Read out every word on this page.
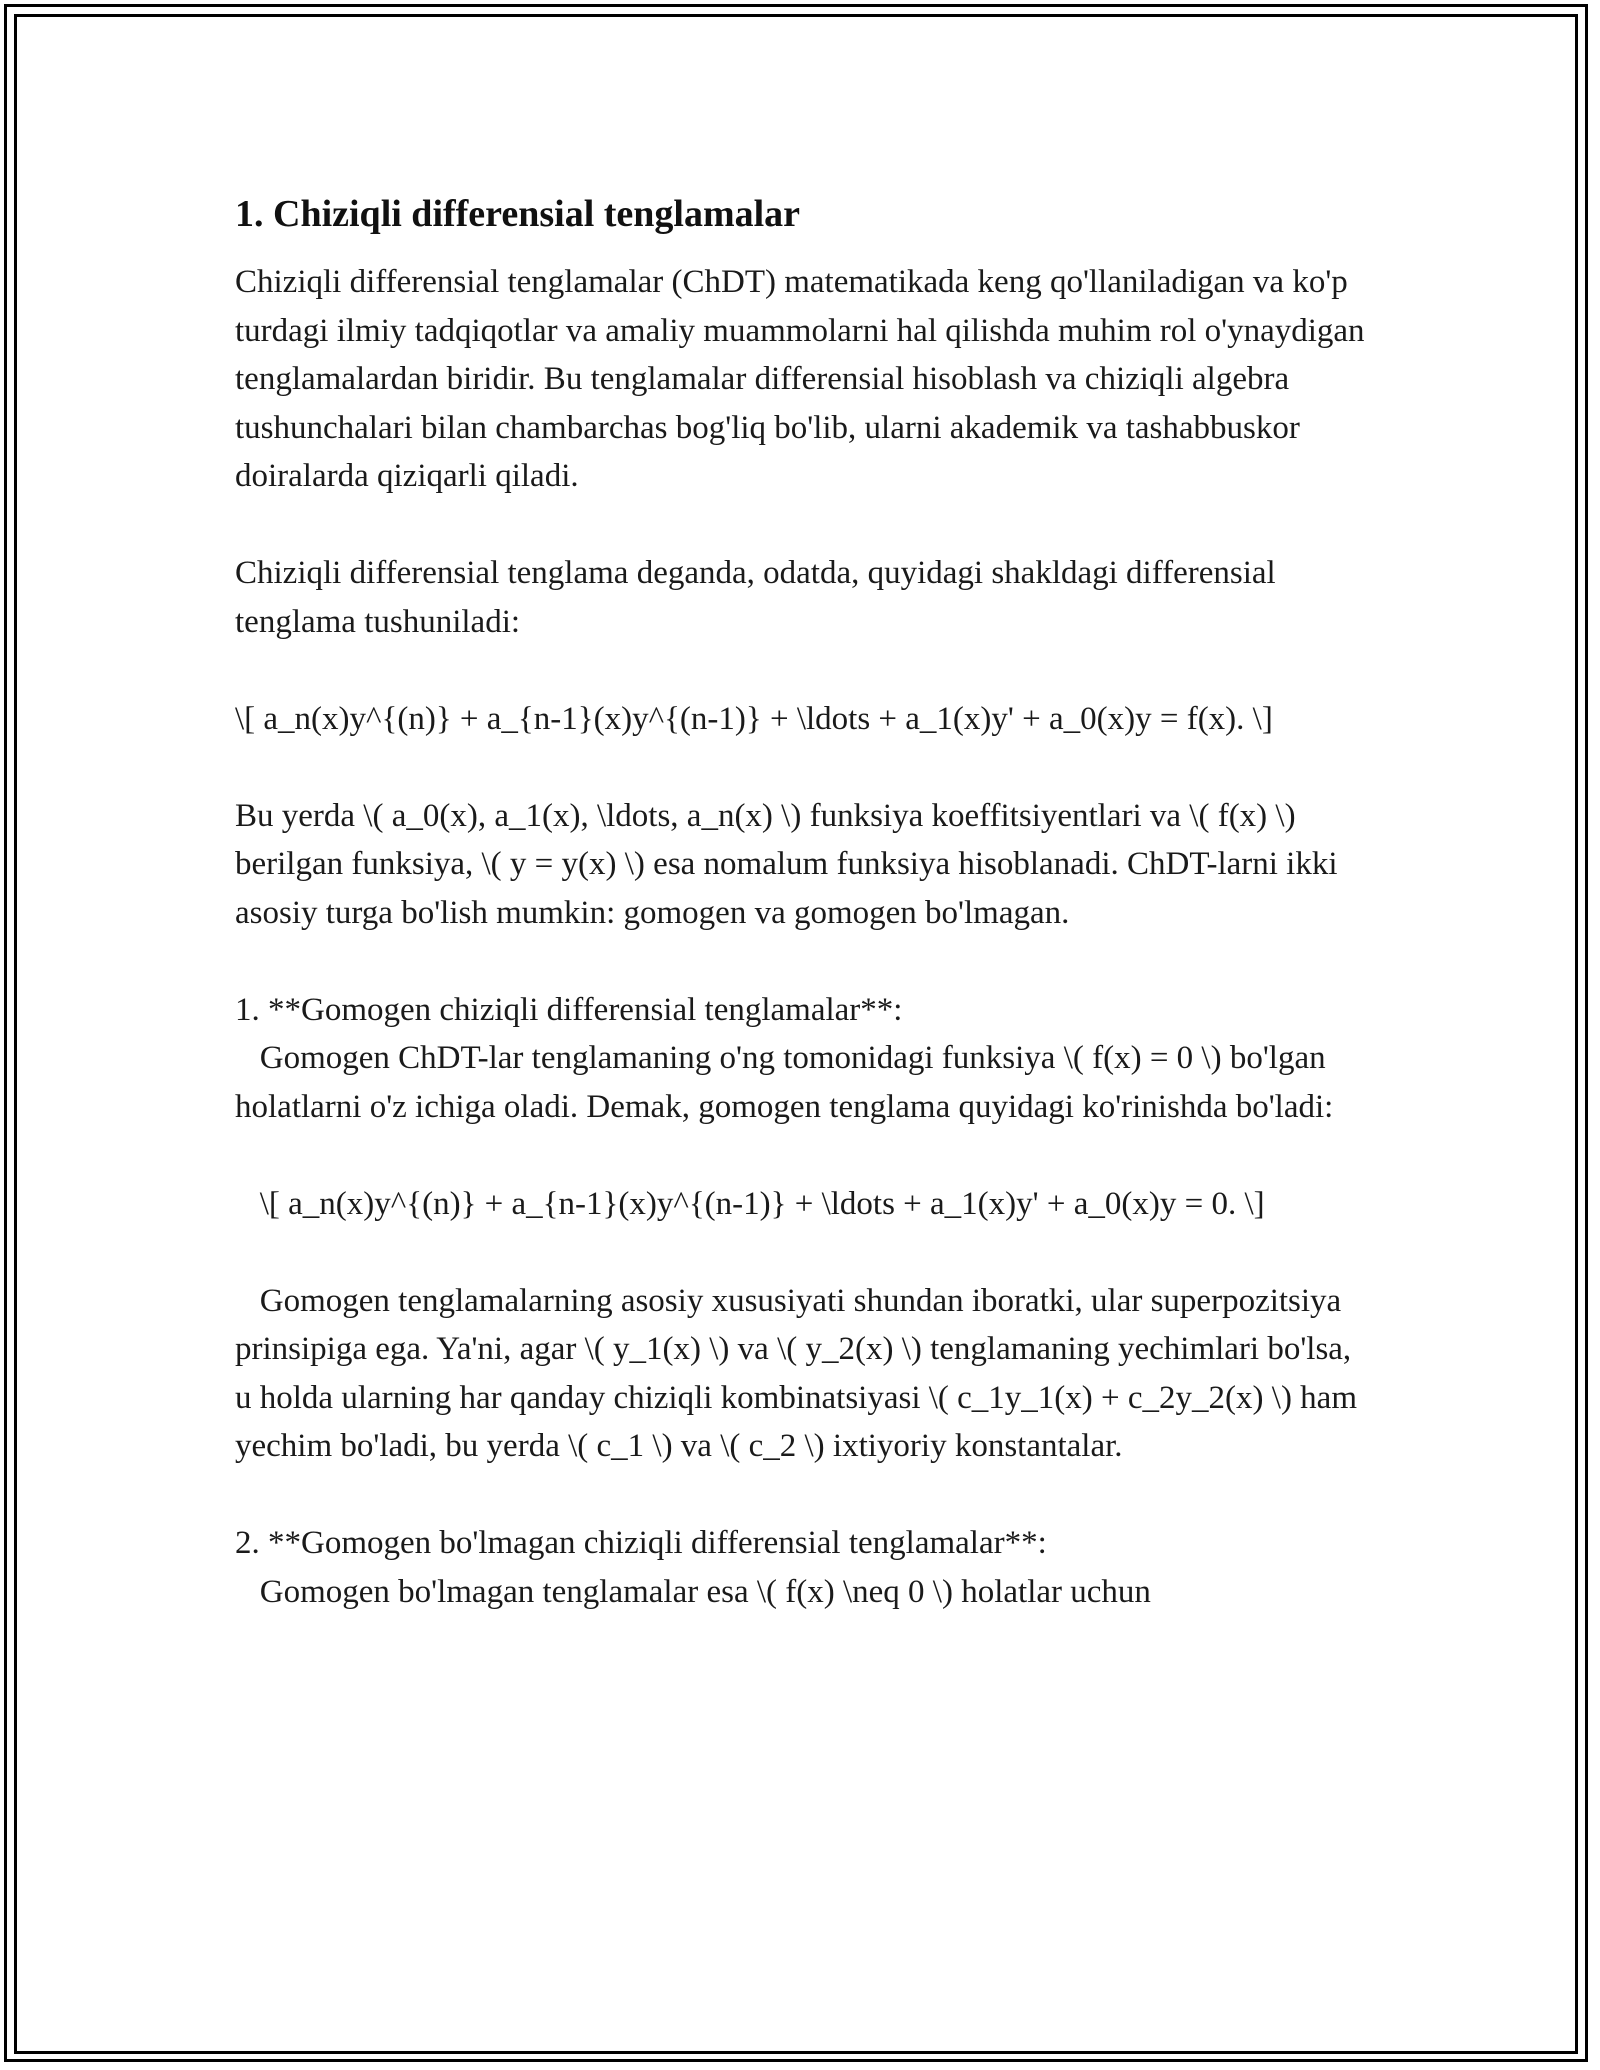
1. Chiziqli differensial tenglamalar

Chiziqli differensial tenglamalar (ChDT) matematikada keng qo'llaniladigan va ko'p turdagi ilmiy tadqiqotlar va amaliy muammolarni hal qilishda muhim rol o'ynaydigan tenglamalardan biridir. Bu tenglamalar differensial hisoblash va chiziqli algebra tushunchalari bilan chambarchas bog'liq bo'lib, ularni akademik va tashabbuskor doiralarda qiziqarli qiladi.

Chiziqli differensial tenglama deganda, odatda, quyidagi shakldagi differensial tenglama tushuniladi:

\[ a_n(x)y^{(n)} + a_{n-1}(x)y^{(n-1)} + \ldots + a_1(x)y' + a_0(x)y = f(x). \]

Bu yerda \( a_0(x), a_1(x), \ldots, a_n(x) \) funksiya koeffitsiyentlari va \( f(x) \) berilgan funksiya, \( y = y(x) \) esa nomalum funksiya hisoblanadi. ChDT-larni ikki asosiy turga bo'lish mumkin: gomogen va gomogen bo'lmagan.

1. **Gomogen chiziqli differensial tenglamalar**:
Gomogen ChDT-lar tenglamaning o'ng tomonidagi funksiya \( f(x) = 0 \) bo'lgan holatlarni o'z ichiga oladi. Demak, gomogen tenglama quyidagi ko'rinishda bo'ladi:

\[ a_n(x)y^{(n)} + a_{n-1}(x)y^{(n-1)} + \ldots + a_1(x)y' + a_0(x)y = 0. \]

Gomogen tenglamalarning asosiy xususiyati shundan iboratki, ular superpozitsiya prinsipiga ega. Ya'ni, agar \( y_1(x) \) va \( y_2(x) \) tenglamaning yechimlari bo'lsa, u holda ularning har qanday chiziqli kombinatsiyasi \( c_1y_1(x) + c_2y_2(x) \) ham yechim bo'ladi, bu yerda \( c_1 \) va \( c_2 \) ixtiyoriy konstantalar.

2. **Gomogen bo'lmagan chiziqli differensial tenglamalar**:
Gomogen bo'lmagan tenglamalar esa \( f(x) \neq 0 \) holatlar uchun
